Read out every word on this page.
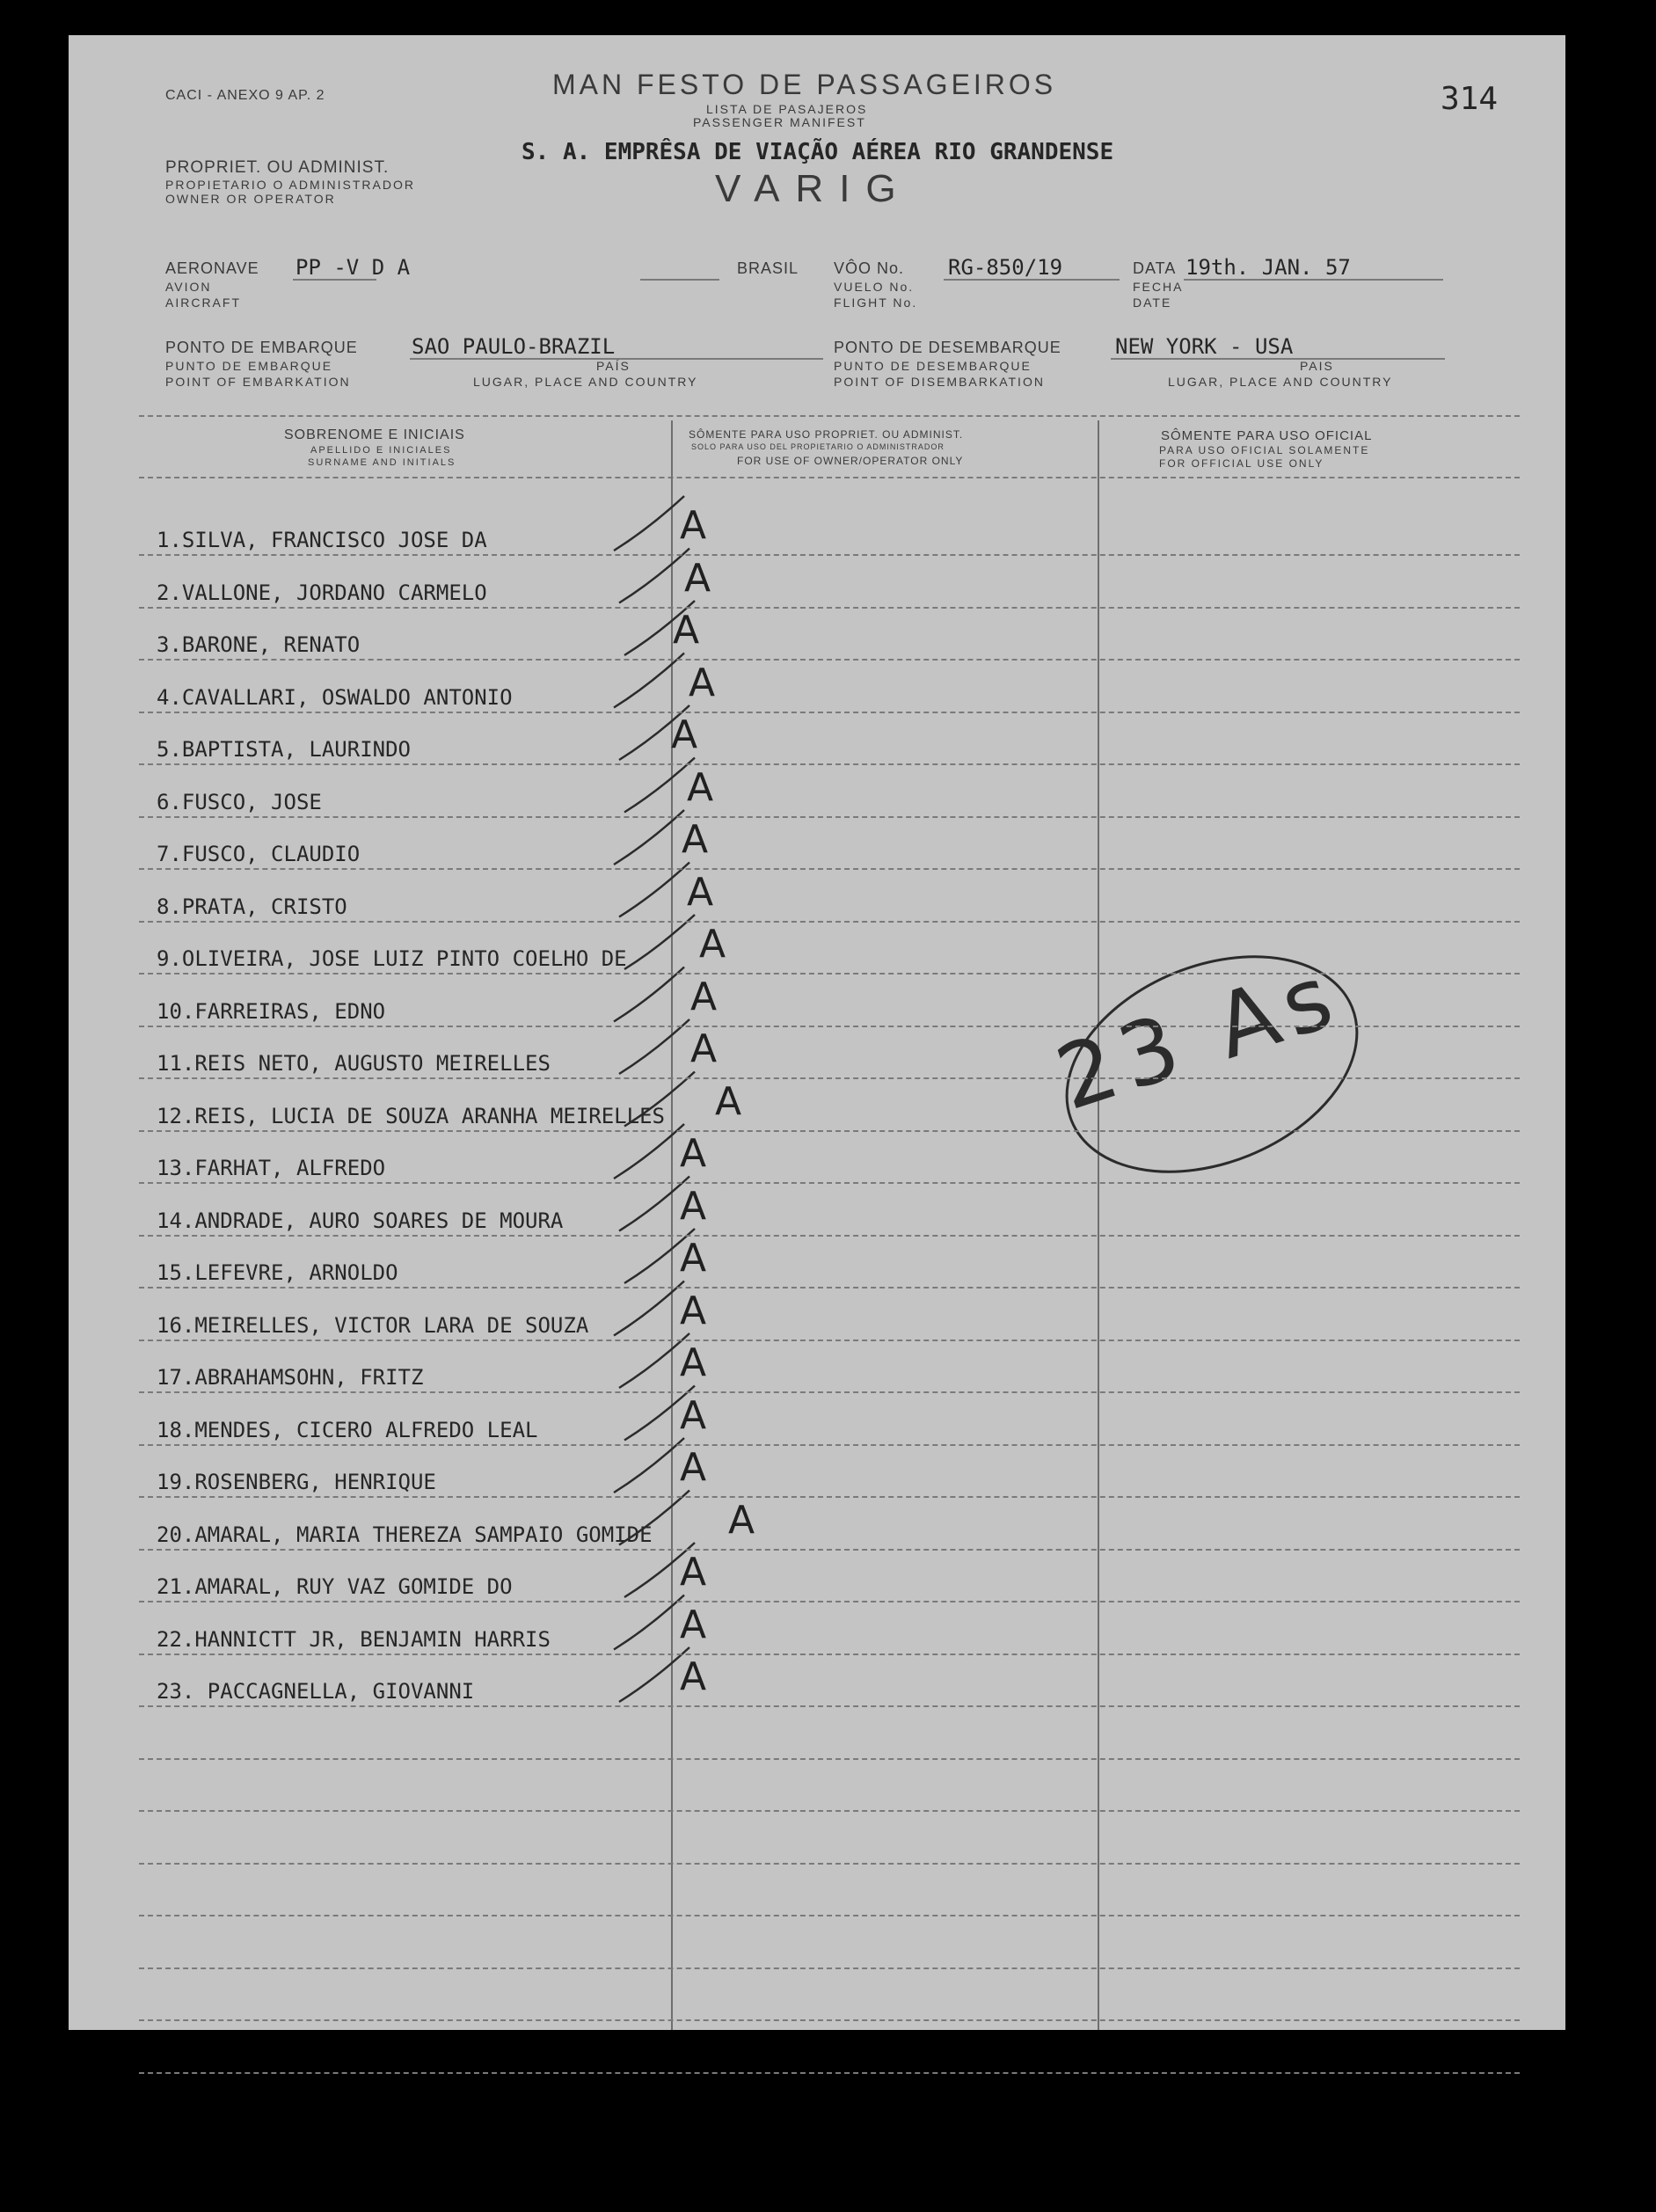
CACI - ANEXO 9 AP. 2	314
MAN FESTO DE PASSAGEIROS
LISTA DE PASAJEROS
PASSENGER MANIFEST
PROPRIET. OU ADMINIST.
PROPIETARIO O ADMINISTRADOR
OWNER OR OPERATOR
S. A. EMPRÊSA DE VIAÇÃO AÉREA RIO GRANDENSE
VARIG
AERONAVE
AVION
AIRCRAFT
PP -V D A	BRASIL VÔO No.
VUELO No.
FLIGHT No.
RG-850/19	DATA
FECHA
DATE
19th. JAN. 57
PONTO DE EMBARQUE
PUNTO DE EMBARQUE
POINT OF EMBARKATION
SAO PAULO-BRAZIL
PAÍS
LUGAR, PLACE AND COUNTRY
PONTO DE DESEMBARQUE
PUNTO DE DESEMBARQUE
POINT OF DISEMBARKATION
NEW YORK - USA
PAIS
LUGAR, PLACE AND COUNTRY
SOBRENOME E INICIAIS
APELLIDO E INICIALES
SURNAME AND INITIALS
SÔMENTE PARA USO PROPRIET. OU ADMINIST.
SOLO PARA USO DEL PROPIETARIO O ADMINISTRADOR
FOR USE OF OWNER/OPERATOR ONLY
SÔMENTE PARA USO OFICIAL
PARA USO OFICIAL SOLAMENTE
FOR OFFICIAL USE ONLY
1.SILVA, FRANCISCO JOSE DA	A
2.VALLONE, JORDANO CARMELO	A
3.BARONE, RENATO	A
4.CAVALLARI, OSWALDO ANTONIO	A
5.BAPTISTA, LAURINDO	A
6.FUSCO, JOSE	A
7.FUSCO, CLAUDIO	A
8.PRATA, CRISTO	A
9.OLIVEIRA, JOSE LUIZ PINTO COELHO DE A
10.FARREIRAS, EDNO	A
11.REIS NETO, AUGUSTO MEIRELLES	A
12.REIS, LUCIA DE SOUZA ARANHA MEIRELLES A
13.FARHAT, ALFREDO	A
14.ANDRADE, AURO SOARES DE MOURA	A
15.LEFEVRE, ARNOLDO	A
16.MEIRELLES, VICTOR LARA DE SOUZA A
17.ABRAHAMSOHN, FRITZ	A
18.MENDES, CICERO ALFREDO LEAL	A
19.ROSENBERG, HENRIQUE	A
20.AMARAL, MARIA THEREZA SAMPAIO GOMIDE A
21.AMARAL, RUY VAZ GOMIDE DO	A
22.HANNICTT JR, BENJAMIN HARRIS	A
23. PACCAGNELLA, GIOVANNI	A
23 As
